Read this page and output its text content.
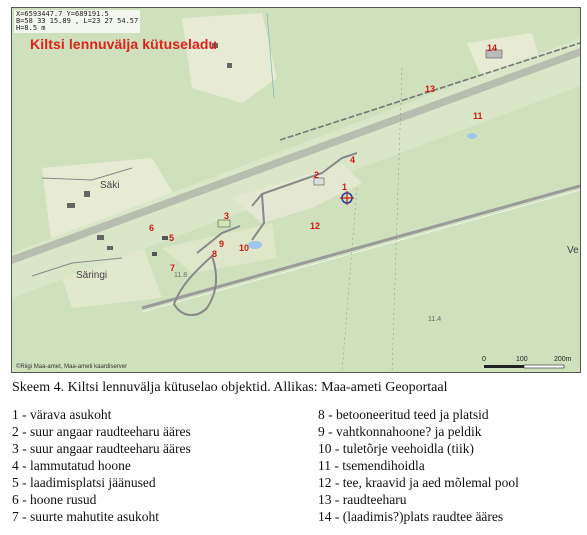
X=6593447.7 Y=689191.5
B=58 33 15.89 , L=23 27 54.57
H=8.5 m
Kiltsi lennuvälja kütuseladu
Säki
Säringi
Ve
11.8
11.4
1
2
3
4
5
6
7
8
9 10
11
12
13
14
©Riigi Maa-amet, Maa-ameti kaardiserver
0	100	200m
Skeem 4. Kiltsi lennuvälja kütuselao objektid. Allikas: Maa-ameti Geoportaal
1 - värava asukoht
2 - suur angaar raudteeharu ääres
3 - suur angaar raudteeharu ääres
4 - lammutatud hoone
5 - laadimisplatsi jäänused
6 - hoone rusud
7 - suurte mahutite asukoht
8 - betooneeritud teed ja platsid
9 - vahtkonnahoone? ja peldik
10 - tuletõrje veehoidla (tiik)
11 - tsemendihoidla
12 - tee, kraavid ja aed mõlemal pool
13 - raudteeharu
14 - (laadimis?)plats raudtee ääres
